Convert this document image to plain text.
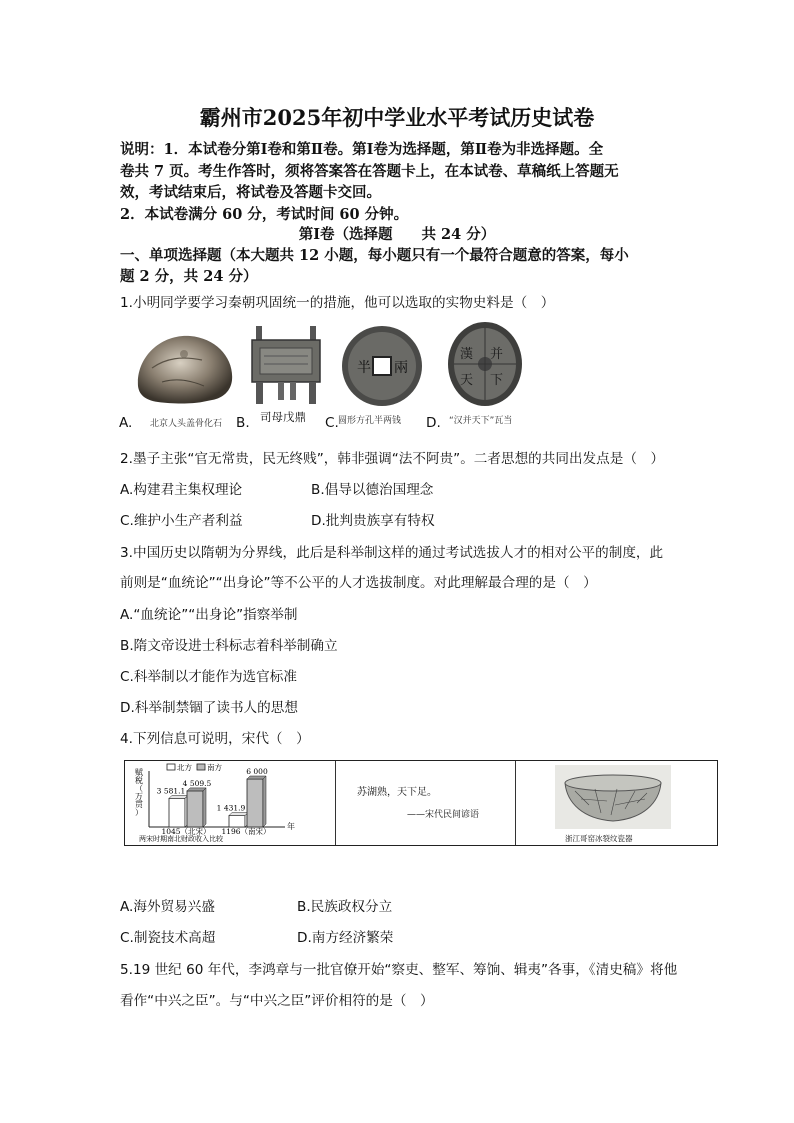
霸州市2025年初中学业水平考试历史试卷
说明：1．本试卷分第Ⅰ卷和第Ⅱ卷。第Ⅰ卷为选择题，第Ⅱ卷为非选择题。全
卷共 7 页。考生作答时，须将答案答在答题卡上，在本试卷、草稿纸上答题无
效，考试结束后，将试卷及答题卡交回。
2．本试卷满分 60 分，考试时间 60 分钟。
第Ⅰ卷（选择题　　共 24 分）
一、单项选择题（本大题共 12 小题，每小题只有一个最符合题意的答案，每小
题 2 分，共 24 分）
1.小明同学要学习秦朝巩固统一的措施，他可以选取的实物史料是（　）
半 兩
漢 并
天 下
A. 北京人头盖骨化石 B. 司母戊鼎 C. 圆形方孔半两钱 D. “汉并天下”瓦当
2.墨子主张“官无常贵，民无终贱”，韩非强调“法不阿贵”。二者思想的共同出发点是（　）
A.构建君主集权理论	B.倡导以德治国理念
C.维护小生产者利益	D.批判贵族享有特权
3.中国历史以隋朝为分界线，此后是科举制这样的通过考试选拔人才的相对公平的制度，此
前则是“血统论”“出身论”等不公平的人才选拔制度。对此理解最合理的是（　）
A.“血统论”“出身论”指察举制
B.隋文帝设进士科标志着科举制确立
C.科举制以才能作为选官标准
D.科举制禁锢了读书人的思想
4.下列信息可说明，宋代（　）
赋税（万贯）
北方 南方
3 581.1
4 509.5
1045（北宋）
1 431.9
6 000
1196（南宋）
年
两宋时期南北财政收入比较
苏湖熟，天下足。
——宋代民间谚语
浙江哥窑冰裂纹瓷器
A.海外贸易兴盛	B.民族政权分立
C.制瓷技术高超	D.南方经济繁荣
5.19 世纪 60 年代，李鸿章与一批官僚开始“察吏、整军、筹饷、辑夷”各事，《清史稿》将他
看作“中兴之臣”。与“中兴之臣”评价相符的是（　）
